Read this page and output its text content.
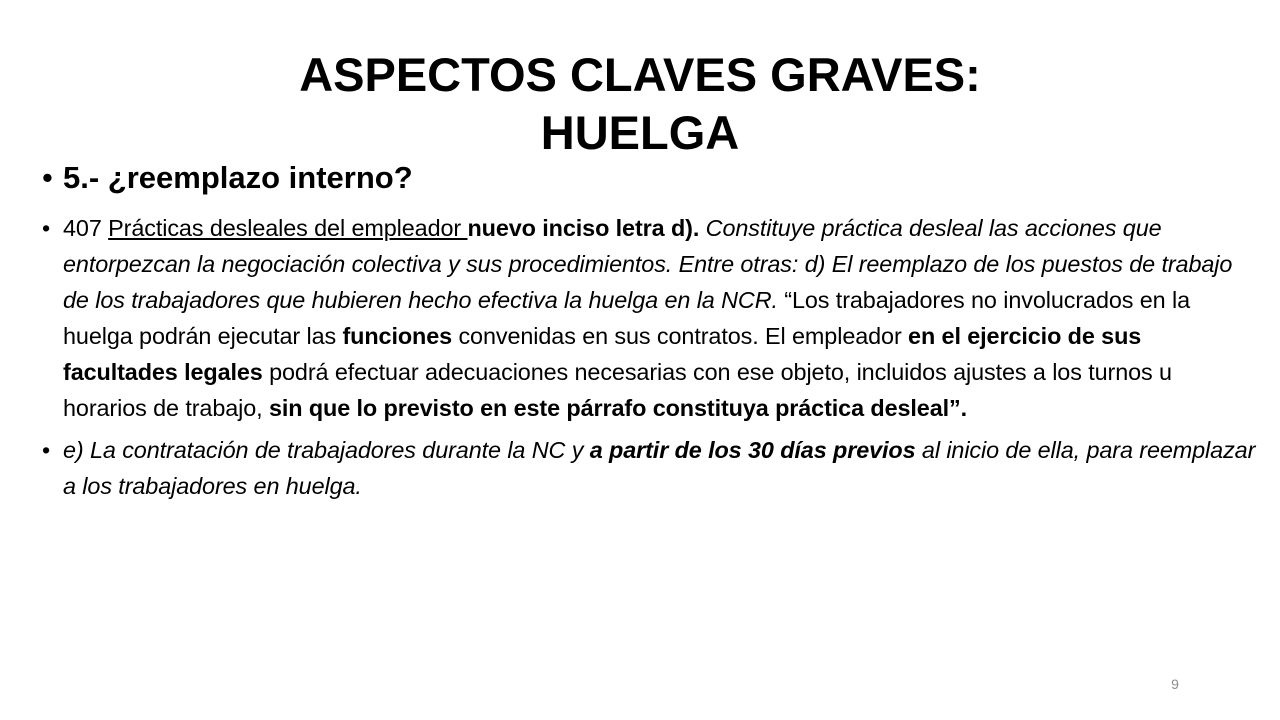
ASPECTOS CLAVES GRAVES:
HUELGA
• 5.- ¿reemplazo interno?
• 407 Prácticas desleales del empleador nuevo inciso letra d). Constituye práctica desleal las acciones que entorpezcan la negociación colectiva y sus procedimientos. Entre otras: d) El reemplazo de los puestos de trabajo de los trabajadores que hubieren hecho efectiva la huelga en la NCR. “Los trabajadores no involucrados en la huelga podrán ejecutar las funciones convenidas en sus contratos. El empleador en el ejercicio de sus facultades legales podrá efectuar adecuaciones necesarias con ese objeto, incluidos ajustes a los turnos u horarios de trabajo, sin que lo previsto en este párrafo constituya práctica desleal”.
• e) La contratación de trabajadores durante la NC y a partir de los 30 días previos al inicio de ella, para reemplazar a los trabajadores en huelga.
9
